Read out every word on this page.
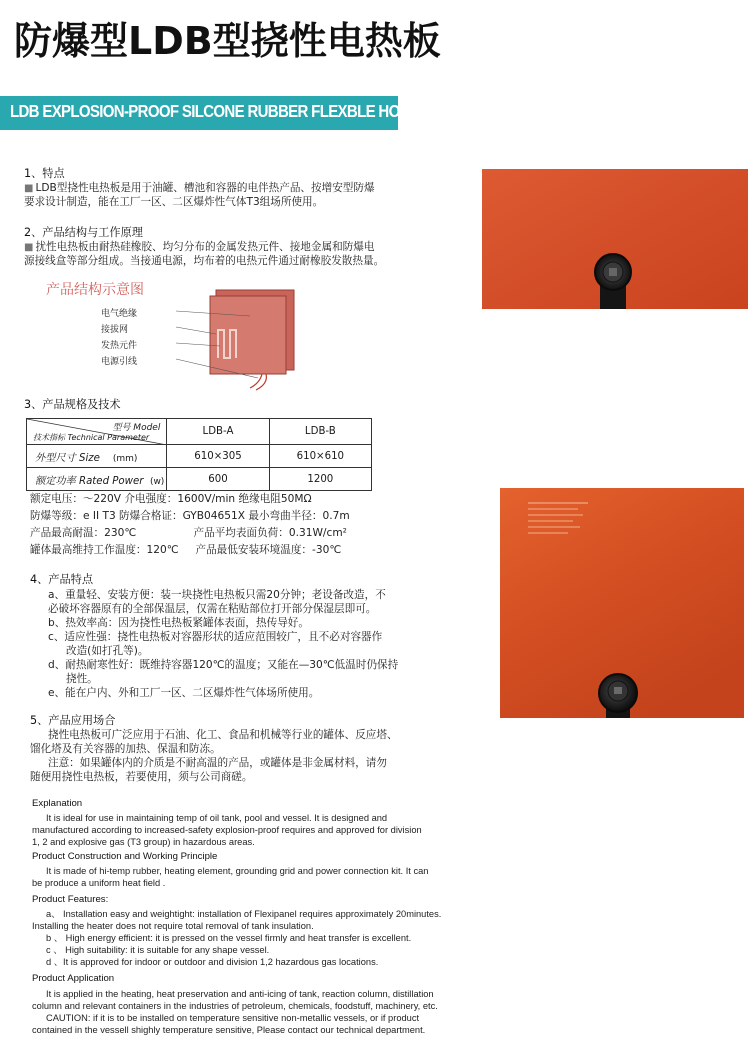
防爆型LDB型挠性电热板
LDB EXPLOSION-PROOF SILCONE RUBBER FLEXBLE HOT PLATE
1、特点
■ LDB型挠性电热板是用于油罐、槽池和容器的电伴热产品、按增安型防爆
要求设计制造，能在工厂一区、二区爆炸性气体T3组场所使用。
2、产品结构与工作原理
■ 扰性电热板由耐热硅橡胶、均匀分布的金属发热元件、接地金属和防爆电
源接线盒等部分组成。当接通电源，均布着的电热元件通过耐橡胶发散热量。
产品结构示意图
电气绝缘
接拔网
发热元件
电源引线
3、产品规格及技术
型号 Model
技术指标 Technical Parameter	LDB-A	LDB-B
外型尺寸 Size (mm)	610×305	610×610
额定功率 Rated Power (w)	600	1200
额定电压：～220V 介电强度：1600V/min 绝缘电阻50MΩ
防爆等级：e II T3 防爆合格证：GYB04651X 最小弯曲半径：0.7m
产品最高耐温：230℃                 产品平均表面负荷：0.31W/cm²
罐体最高维持工作温度：120℃     产品最低安装环境温度：-30℃
4、产品特点
a、重量轻、安装方便：装一块挠性电热板只需20分钟；老设备改造，不
必破坏容器原有的全部保温层，仅需在粘贴部位打开部分保湿层即可。
b、热效率高：因为挠性电热板紧罐体表面，热传导好。
c、适应性强：挠性电热板对容器形状的适应范围较广，且不必对容器作
改造(如打孔等)。
d、耐热耐寒性好：既维持容器120℃的温度；又能在—30℃低温时仍保持
挠性。
e、能在户内、外和工厂一区、二区爆炸性气体场所使用。
5、产品应用场合
挠性电热板可广泛应用于石油、化工、食品和机械等行业的罐体、反应塔、
馏化塔及有关容器的加热、保温和防冻。
注意：如果罐体内的介质是不耐高温的产品，或罐体是非金属材料，请勿
随便用挠性电热板，若要使用，须与公司商磋。
Explanation
It is ideal for use in maintaining temp of oil tank, pool and vessel. It is designed and
manufactured according to increased-safety explosion-proof requires and approved for division
1, 2 and explosive gas (T3 group) in hazardous areas.
Product Construction and Working Principle
It is made of hi-temp rubber, heating element, grounding grid and power connection kit. It can
be produce a uniform heat field .
Product Features:
a、 Installation easy and weightight: installation of Flexipanel requires approximately 20minutes.
Installing the heater does not require total removal of tank insulation.
b 、 High energy efficient: it is pressed on the vessel firmly and heat transfer is excellent.
c 、 High suitability: it is suitable for any shape vessel.
d 、It is approved for indoor or outdoor and division 1,2 hazardous gas locations.
Product Application
It is applied in the heating, heat preservation and anti-icing of tank, reaction column, distillation
column and relevant containers in the industries of petroleum, chemicals, foodstuff, machinery, etc.
CAUTION: if it is to be installed on temperature sensitive non-metallic vessels, or if product
contained in the vessell shighly temperature sensitive, Please contact our technical department.
